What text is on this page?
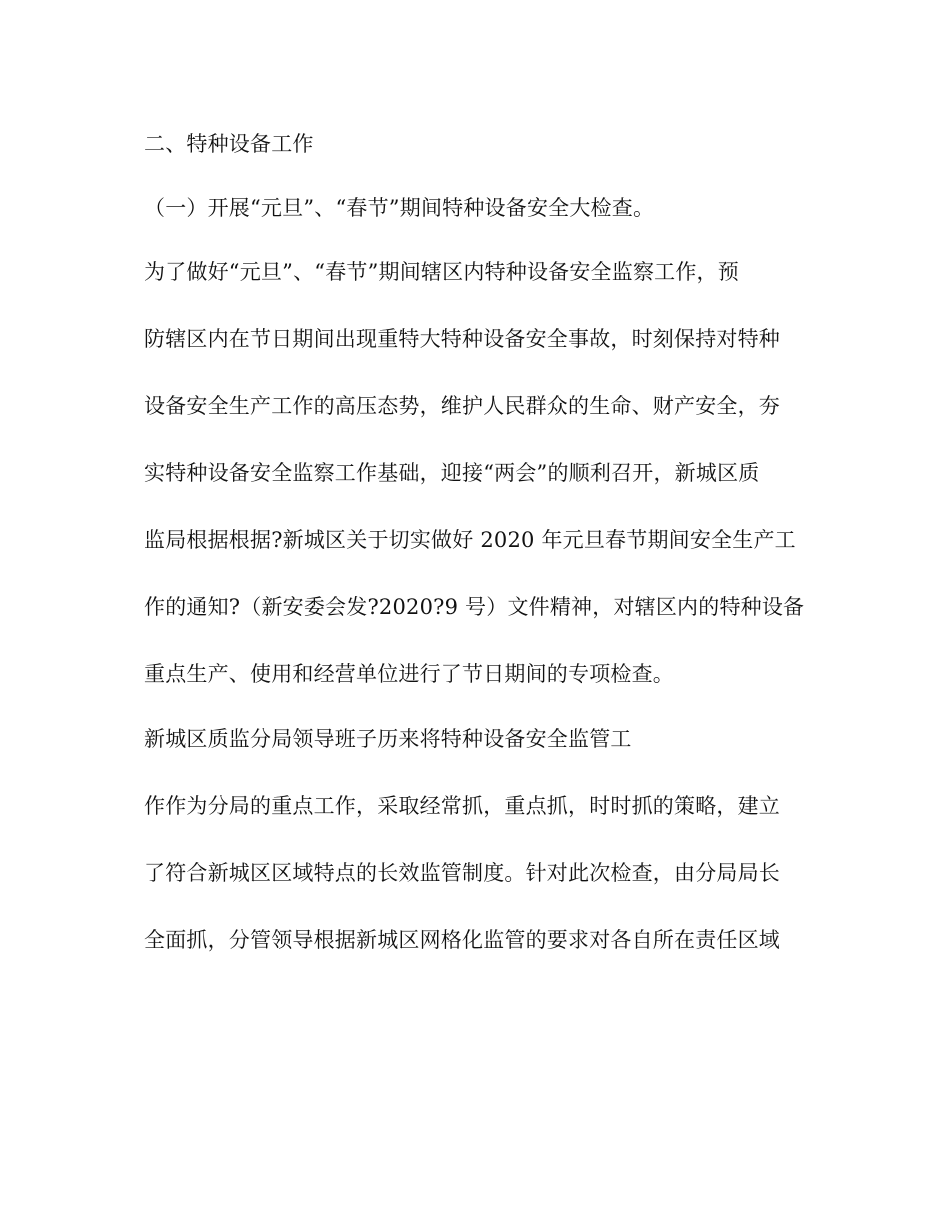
二、特种设备工作
（一）开展“元旦”、“春节”期间特种设备安全大检查。
为了做好“元旦”、“春节”期间辖区内特种设备安全监察工作，预
防辖区内在节日期间出现重特大特种设备安全事故，时刻保持对特种
设备安全生产工作的高压态势，维护人民群众的生命、财产安全，夯
实特种设备安全监察工作基础，迎接“两会”的顺利召开，新城区质
监局根据根据?新城区关于切实做好 2020 年元旦春节期间安全生产工
作的通知?（新安委会发?2020?9 号）文件精神，对辖区内的特种设备
重点生产、使用和经营单位进行了节日期间的专项检查。
新城区质监分局领导班子历来将特种设备安全监管工
作作为分局的重点工作，采取经常抓，重点抓，时时抓的策略，建立
了符合新城区区域特点的长效监管制度。针对此次检查，由分局局长
全面抓，分管领导根据新城区网格化监管的要求对各自所在责任区域
